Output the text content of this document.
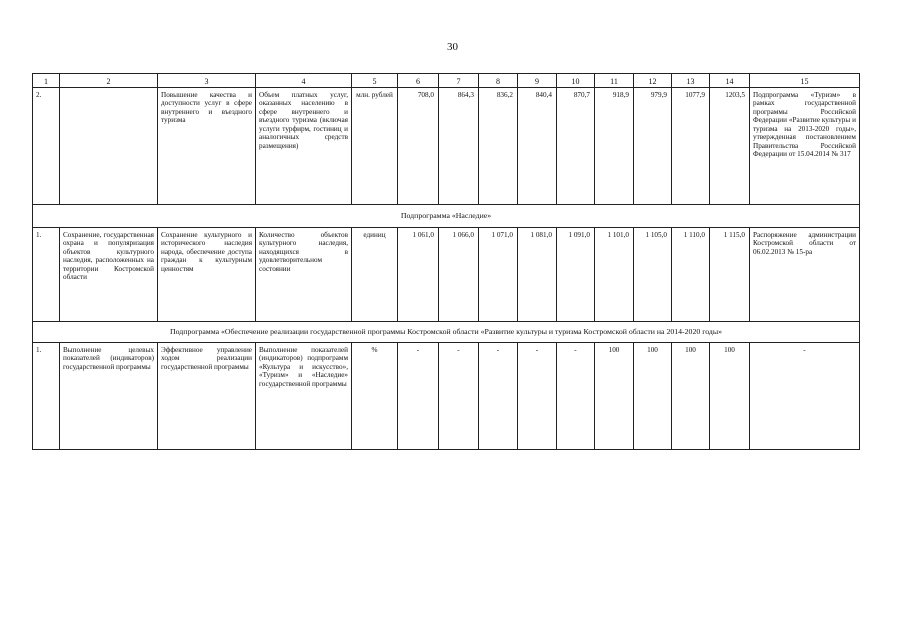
30
1	2	3	4	5	6	7	8	9	10	11	12	13	14	15
2.		Повышение качества и доступности услуг в сфере внутреннего и въездного туризма	Объем платных услуг, оказанных населению в сфере внутреннего и въездного туризма (включая услуги турфирм, гостиниц и аналогичных средств размещения)	млн. рублей	708,0	864,3	836,2	840,4	870,7	918,9	979,9	1077,9	1203,5	Подпрограмма «Туризм» в рамках государственной программы Российской Федерации «Развитие культуры и туризма на 2013-2020 годы», утвержденная постановлением Правительства Российской Федерации от 15.04.2014 № 317
Подпрограмма «Наследие»														
1.	Сохранение, государственная охрана и популяризация объектов культурного наследия, расположенных на территории Костромской области	Сохранение культурного и исторического наследия народа, обеспечение доступа граждан к культурным ценностям	Количество объектов культурного наследия, находящихся в удовлетворительном состоянии	единиц	1 061,0	1 066,0	1 071,0	1 081,0	1 091,0	1 101,0	1 105,0	1 110,0	1 115,0	Распоряжение администрации Костромской области от 06.02.2013 № 15-ра
Подпрограмма «Обеспечение реализации государственной программы Костромской области «Развитие культуры и туризма Костромской области на 2014-2020 годы»														
1.	Выполнение целевых показателей (индикаторов) государственной программы	Эффективное управление ходом реализации государственной программы	Выполнение показателей (индикаторов) подпрограмм «Культура и искусство», «Туризм» и «Наследие» государственной программы	%	-	-	-	-	-	100	100	100	100	-
